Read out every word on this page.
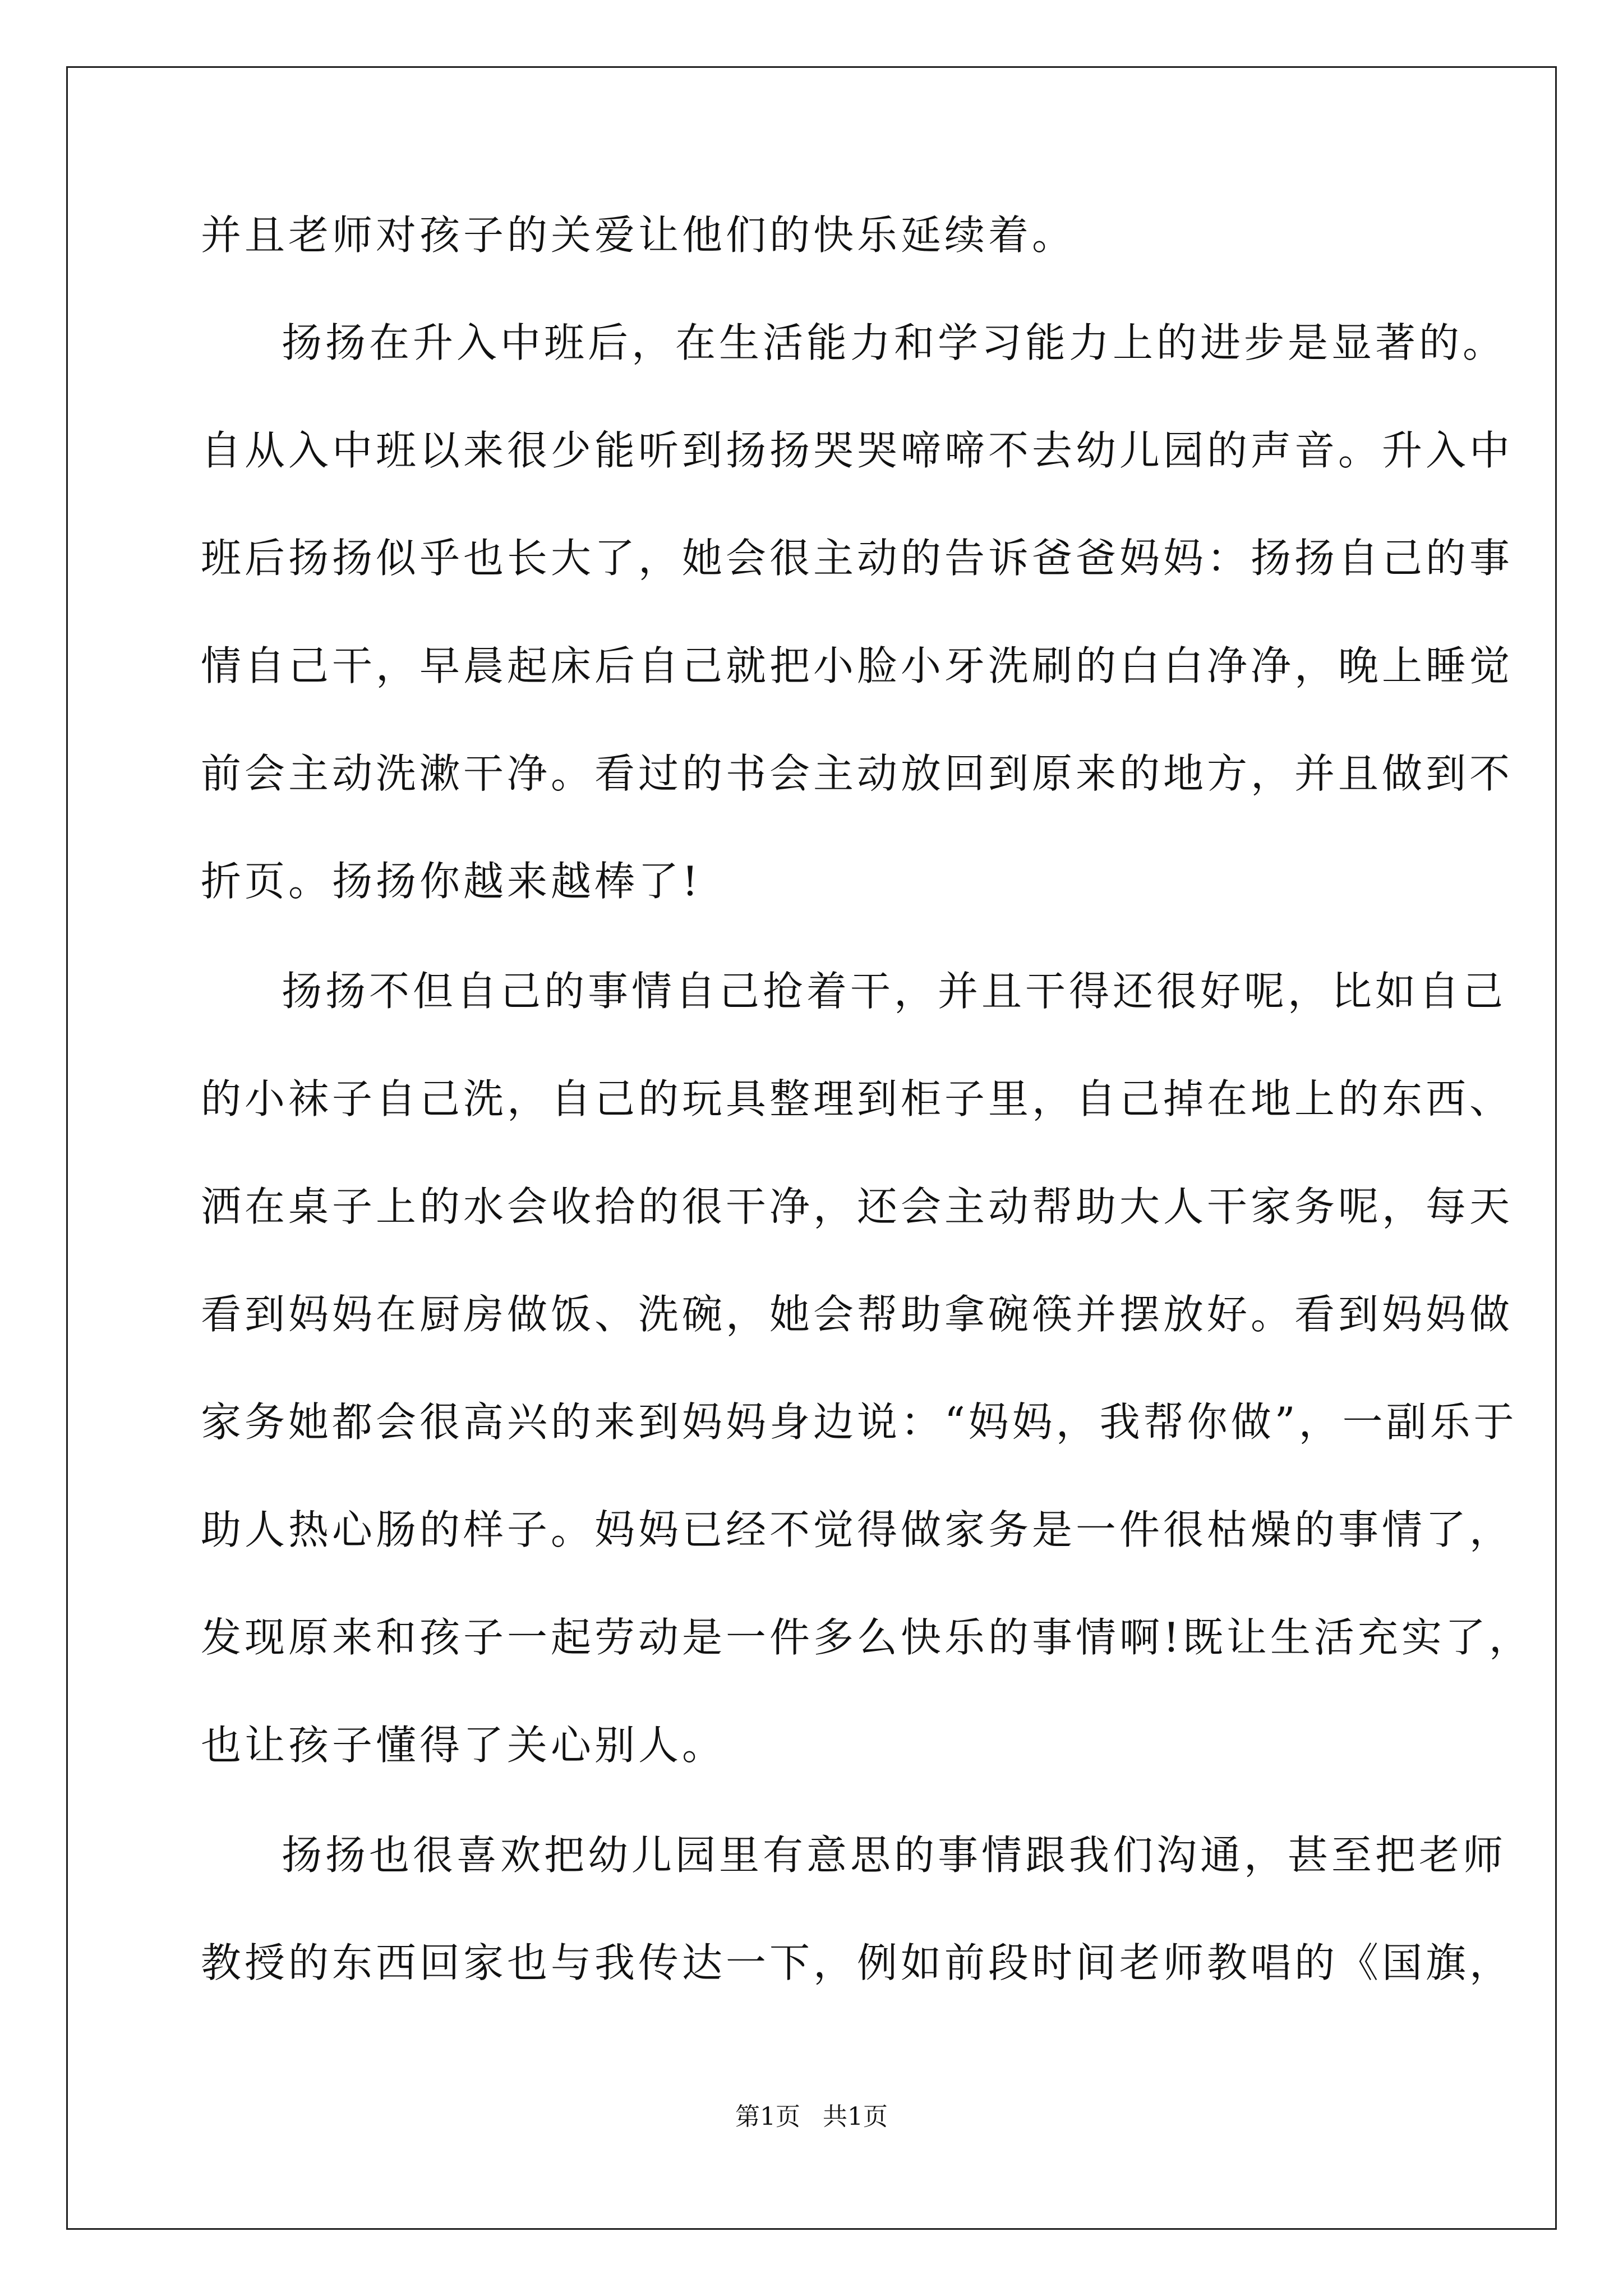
并且老师对孩子的关爱让他们的快乐延续着。
扬扬在升入中班后，在生活能力和学习能力上的进步是显著的。
自从入中班以来很少能听到扬扬哭哭啼啼不去幼儿园的声音。升入中
班后扬扬似乎也长大了，她会很主动的告诉爸爸妈妈：扬扬自己的事
情自己干，早晨起床后自己就把小脸小牙洗刷的白白净净，晚上睡觉
前会主动洗漱干净。看过的书会主动放回到原来的地方，并且做到不
折页。扬扬你越来越棒了!
扬扬不但自己的事情自己抢着干，并且干得还很好呢，比如自己
的小袜子自己洗，自己的玩具整理到柜子里，自己掉在地上的东西、
洒在桌子上的水会收拾的很干净，还会主动帮助大人干家务呢，每天
看到妈妈在厨房做饭、洗碗，她会帮助拿碗筷并摆放好。看到妈妈做
家务她都会很高兴的来到妈妈身边说：“妈妈，我帮你做”，一副乐于
助人热心肠的样子。妈妈已经不觉得做家务是一件很枯燥的事情了，
发现原来和孩子一起劳动是一件多么快乐的事情啊!既让生活充实了，
也让孩子懂得了关心别人。
扬扬也很喜欢把幼儿园里有意思的事情跟我们沟通，甚至把老师
教授的东西回家也与我传达一下，例如前段时间老师教唱的《国旗，
第1页 共1页
